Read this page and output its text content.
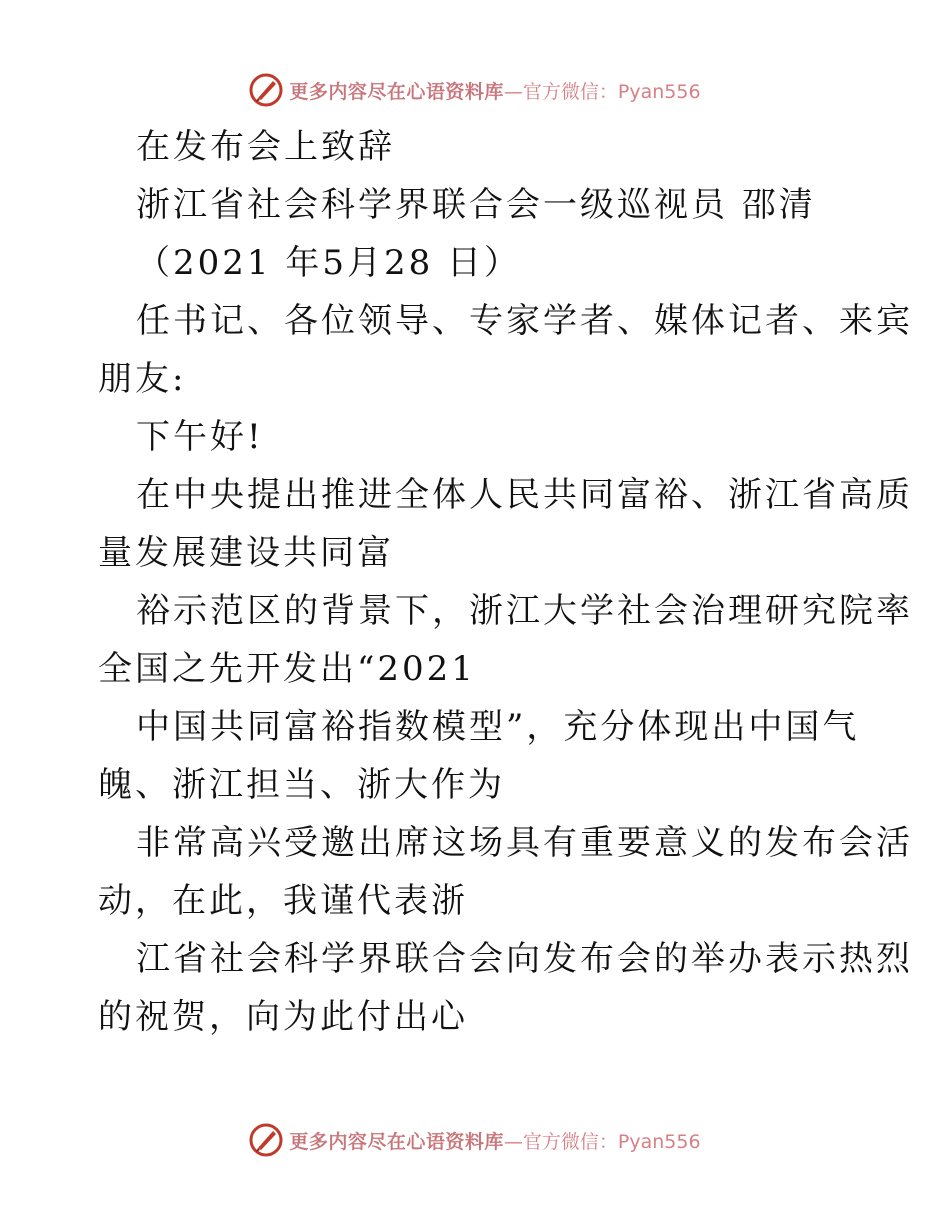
更多内容尽在心语资料库 —官方微信：Pyan556
在发布会上致辞
浙江省社会科学界联合会一级巡视员 邵清
（2021 年5月28 日）
任书记、各位领导、专家学者、媒体记者、来宾
朋友:
下午好!
在中央提出推进全体人民共同富裕、浙江省高质
量发展建设共同富
裕示范区的背景下，浙江大学社会治理研究院率
全国之先开发出“2021
中国共同富裕指数模型”，充分体现出中国气
魄、浙江担当、浙大作为
非常高兴受邀出席这场具有重要意义的发布会活
动，在此，我谨代表浙
江省社会科学界联合会向发布会的举办表示热烈
的祝贺，向为此付出心
更多内容尽在心语资料库 —官方微信：Pyan556
